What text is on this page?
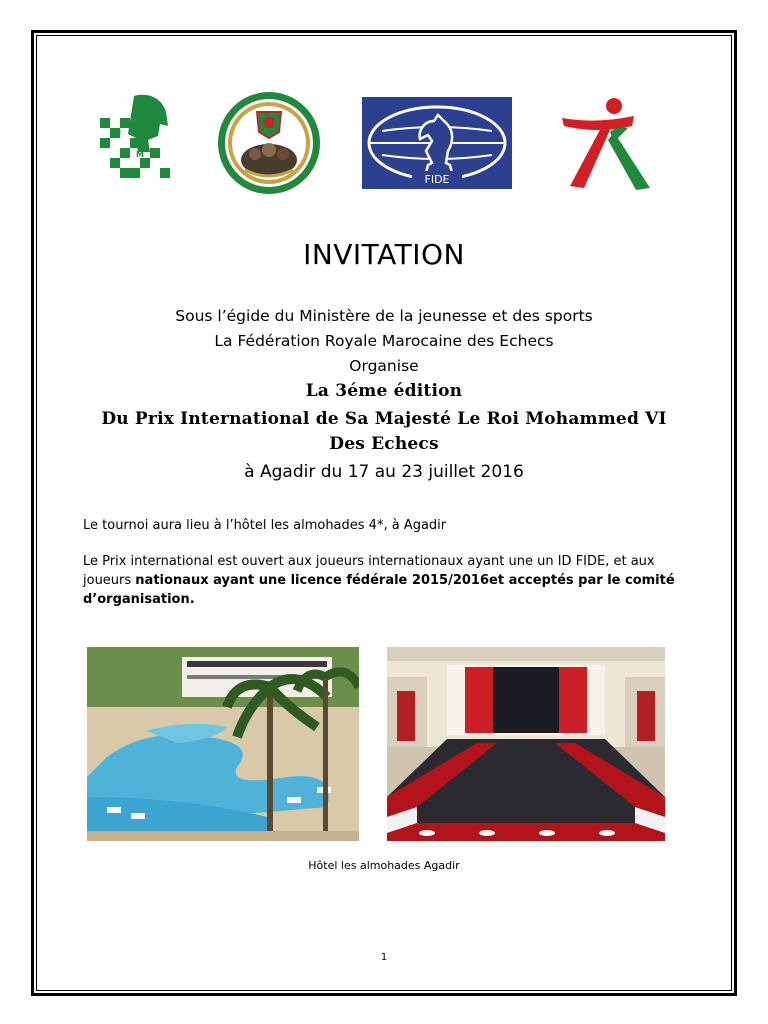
F
M
FIDE
INVITATION
Sous l’égide du Ministère de la jeunesse et des sports
La Fédération Royale Marocaine des Echecs
Organise
La 3éme édition
Du Prix International de Sa Majesté Le Roi Mohammed VI
Des Echecs
à Agadir du 17 au 23 juillet 2016
Le tournoi aura lieu à l’hôtel les almohades 4*, à Agadir
Le Prix international est ouvert aux joueurs internationaux ayant une un ID FIDE, et aux joueurs nationaux ayant une licence fédérale 2015/2016et acceptés par le comité d’organisation.
Hôtel les almohades Agadir
1
